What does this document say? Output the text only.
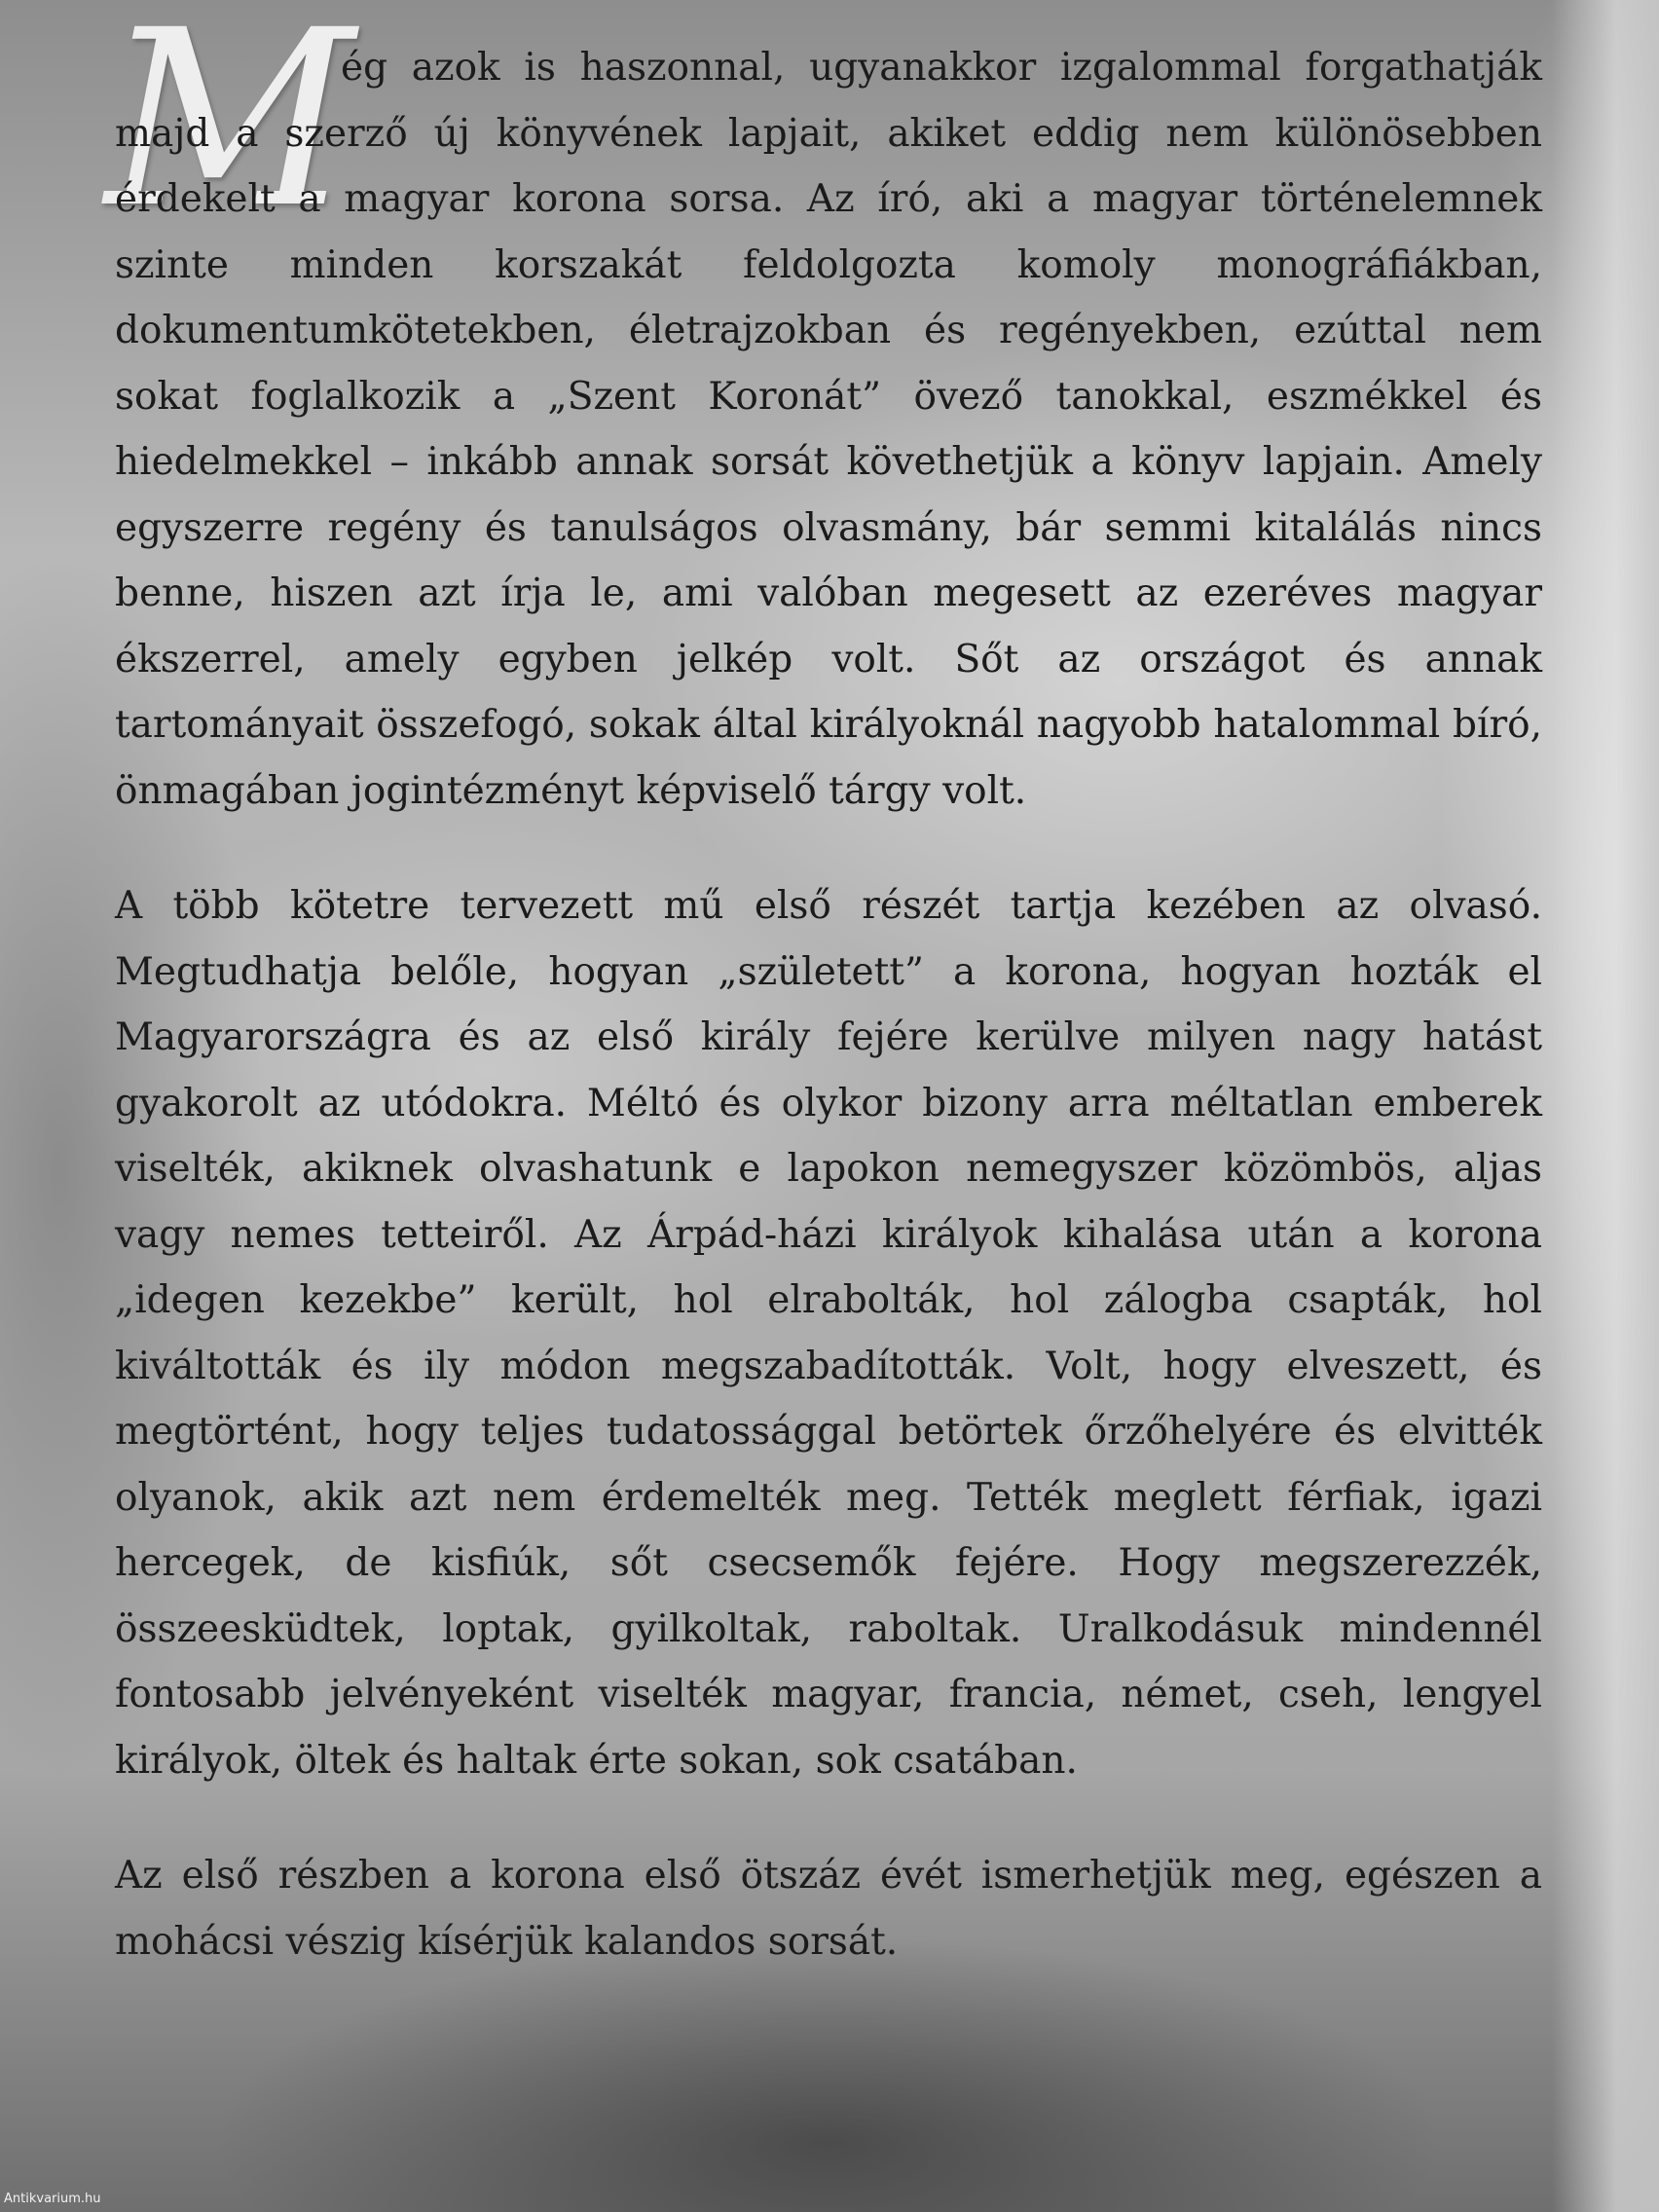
M

ég azok is haszonnal, ugyanakkor izgalommal forgathatják majd a szerző új könyvének lapjait, akiket eddig nem különösebben érdekelt a magyar korona sorsa. Az író, aki a magyar történelemnek szinte minden korszakát feldolgozta komoly monográfiákban, dokumentumkötetekben, életrajzokban és regényekben, ezúttal nem sokat foglalkozik a „Szent Koronát” övező tanokkal, eszmékkel és hiedelmekkel – inkább annak sorsát követhetjük a könyv lapjain. Amely egyszerre regény és tanulságos olvasmány, bár semmi kitalálás nincs benne, hiszen azt írja le, ami valóban megesett az ezeréves magyar ékszerrel, amely egyben jelkép volt. Sőt az országot és annak tartományait összefogó, sokak által királyoknál nagyobb hatalommal bíró, önmagában jogintézményt képviselő tárgy volt.

A több kötetre tervezett mű első részét tartja kezében az olvasó. Megtudhatja belőle, hogyan „született” a korona, hogyan hozták el Magyarországra és az első király fejére kerülve milyen nagy hatást gyakorolt az utódokra. Méltó és olykor bizony arra méltatlan emberek viselték, akiknek olvashatunk e lapokon nemegyszer közömbös, aljas vagy nemes tetteiről. Az Árpád-házi királyok kihalása után a korona „idegen kezekbe” került, hol elrabolták, hol zálogba csapták, hol kiváltották és ily módon megszabadították. Volt, hogy elveszett, és megtörtént, hogy teljes tudatossággal betörtek őrzőhelyére és elvitték olyanok, akik azt nem érdemelték meg. Tették meglett férfiak, igazi hercegek, de kisfiúk, sőt csecsemők fejére. Hogy megszerezzék, összeesküdtek, loptak, gyilkoltak, raboltak. Uralkodásuk mindennél fontosabb jelvényeként viselték magyar, francia, német, cseh, lengyel királyok, öltek és haltak érte sokan, sok csatában.

Az első részben a korona első ötszáz évét ismerhetjük meg, egészen a mohácsi vészig kísérjük kalandos sorsát.

Antikvarium.hu
